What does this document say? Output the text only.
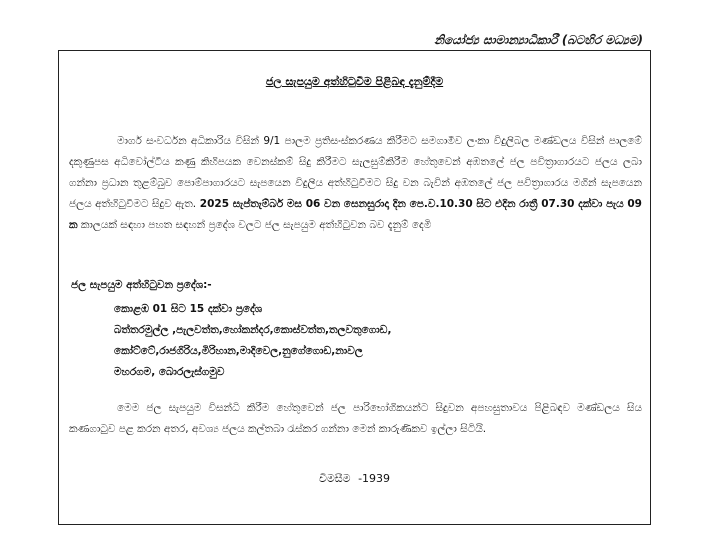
නියෝජ්‍ය සාමාන්‍යාධිකාරී (බටහිර මධ්‍යම)
ජල සැපයුම අත්හිටුවීම පිළිබඳ දැනුම්දීම

මාර්ග සංවර්ධන අධිකාරිය විසින් 9/1 පාලම ප්‍රතිසංස්කරණය කිරීමට සමගාමීව ලංකා විදුලිබල මණ්ඩලය විසින් පාලමේ දකුණුපස අධිවෝල්ටීය කණු කිහිපයක වෙනස්කම් සිදු කිරීමට සැලසුම්කිරීම හේතුවෙන් අඹතලේ ජල පවිත්‍රාගාරයට ජලය ලබා ගන්නා ප්‍රධාන තුළම්බුව පොම්පාගාරයට සැපයෙන විදුලිය අත්හිටුවීමට සිදු වන බැවින් අඹතලේ ජල පවිත්‍රාගාරය මගින් සැපයෙන ජලය අත්හිටුවීමට සිදුව ඇත. 2025 සැප්තැම්බර් මස 06 වන සෙනසුරාදා දින පෙ.ව.10.30 සිට එදින රාත්‍රී 07.30 දක්වා පැය 09 ක කාලයක් සඳහා පහත සඳහන් ප්‍රදේශ වලට ජල සැපයුම අත්හිටුවන බව දැනුම් දෙමි

ජල සැපයුම අත්හිටුවන ප්‍රදේශ:-
කොළඹ 01 සිට 15 දක්වා ප්‍රදේශ
බත්තරමුල්ල ,පැලවත්ත,හෝකන්දර,කොස්වත්ත,තලවතුගොඩ,
කෝට්ටේ,රාජගිරිය,මිරිහාන,මාදිවෙල,නුගේගොඩ,නාවල
මහරගම, බොරලැස්ගමුව

මෙම ජල සැපයුම විසන්ධි කිරීම හේතුවෙන් ජල පාරිභෝගිකයන්ට සිදුවන අපහසුතාවය පිළිබඳව මණ්ඩලය සිය කණගාටුව පළ කරන අතර, අවශ්‍ය ජලය කල්තබා රැස්කර ගන්නා මෙන් කාරුණිකව ඉල්ලා සිටියි.

විමසීම -1939
